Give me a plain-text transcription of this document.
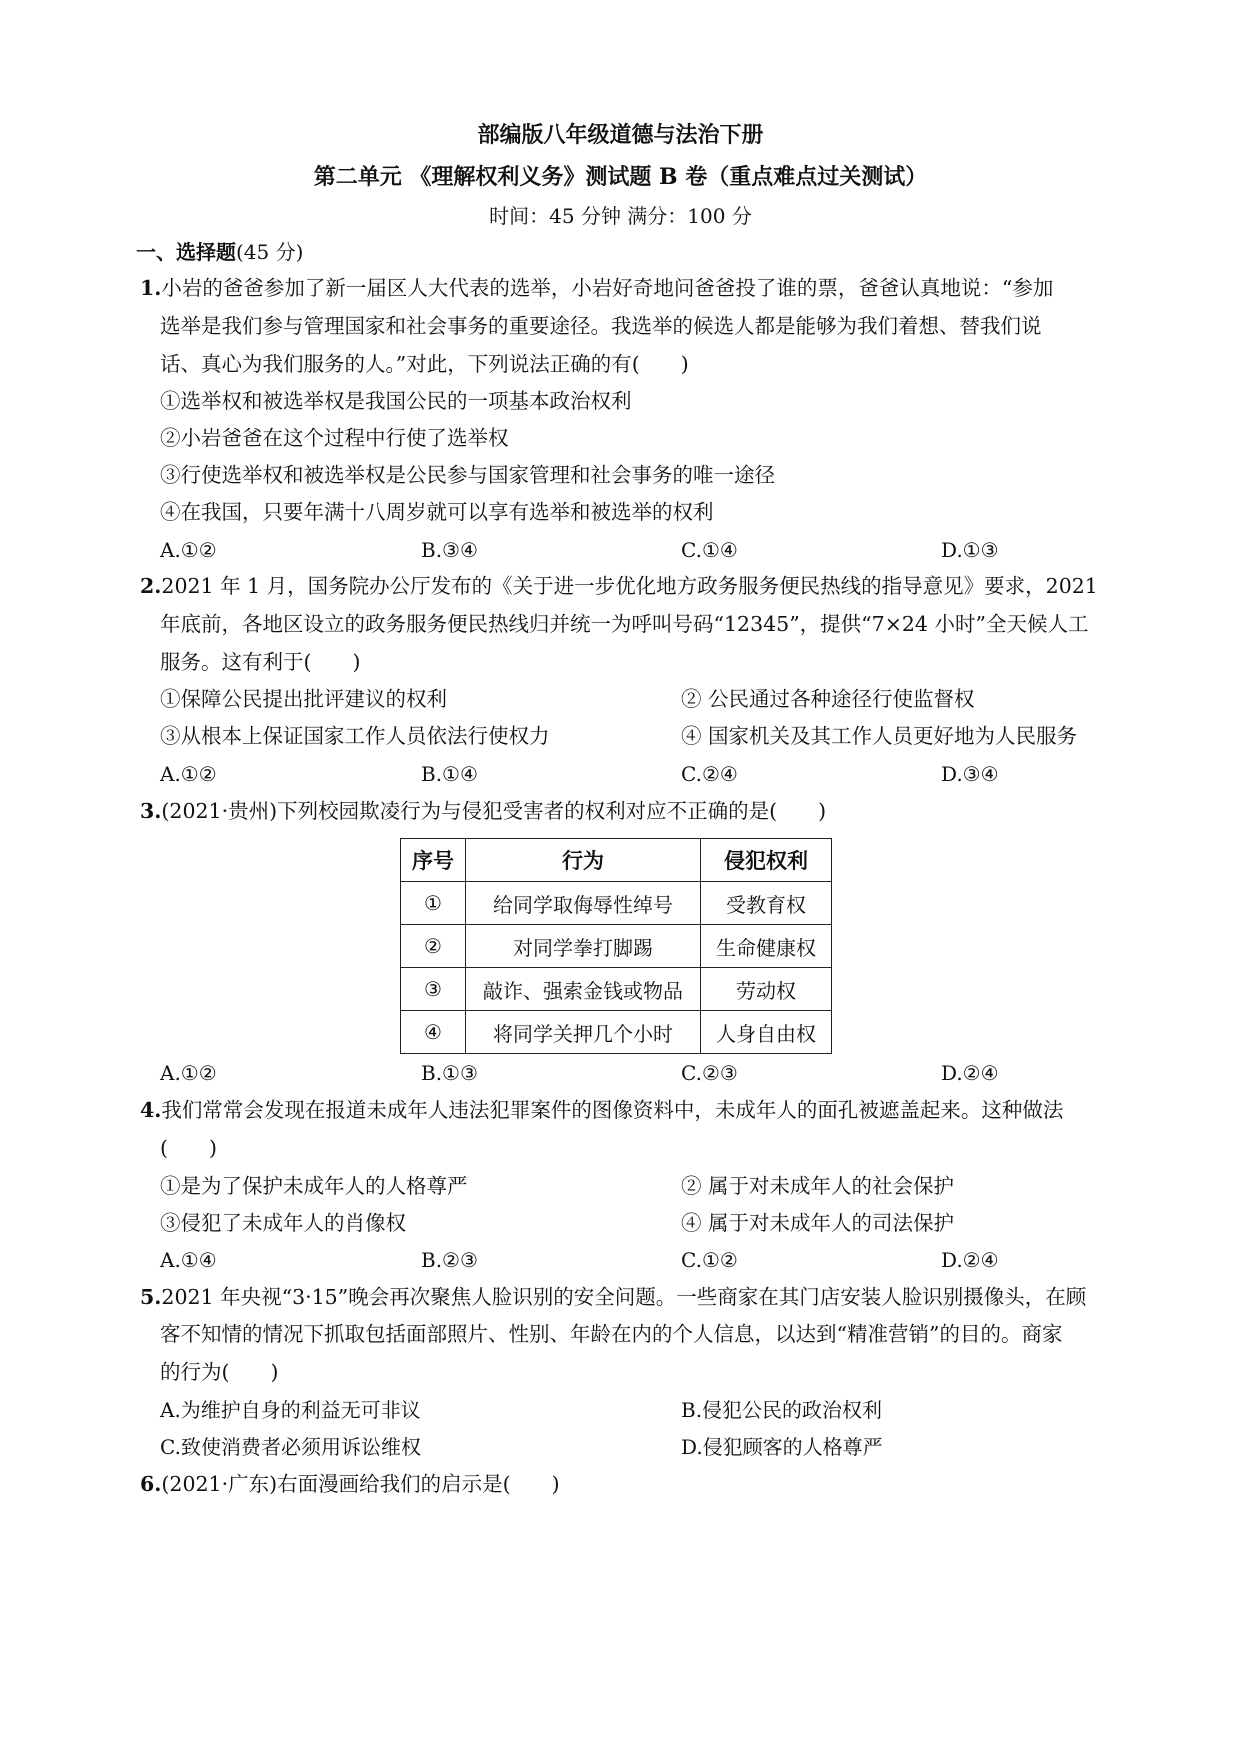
部编版八年级道德与法治下册
第二单元 《理解权利义务》测试题 B 卷（重点难点过关测试）
时间：45 分钟 满分：100 分
一、选择题(45 分)
1.小岩的爸爸参加了新一届区人大代表的选举，小岩好奇地问爸爸投了谁的票，爸爸认真地说：“参加
选举是我们参与管理国家和社会事务的重要途径。我选举的候选人都是能够为我们着想、替我们说
话、真心为我们服务的人。”对此，下列说法正确的有(　　)
①选举权和被选举权是我国公民的一项基本政治权利
②小岩爸爸在这个过程中行使了选举权
③行使选举权和被选举权是公民参与国家管理和社会事务的唯一途径
④在我国，只要年满十八周岁就可以享有选举和被选举的权利
A.①②	B.③④	C.①④	D.①③
2.2021 年 1 月，国务院办公厅发布的《关于进一步优化地方政务服务便民热线的指导意见》要求，2021
年底前，各地区设立的政务服务便民热线归并统一为呼叫号码“12345”，提供“7×24 小时”全天候人工
服务。这有利于(　　)
①保障公民提出批评建议的权利	② 公民通过各种途径行使监督权
③从根本上保证国家工作人员依法行使权力	④ 国家机关及其工作人员更好地为人民服务
A.①②	B.①④	C.②④	D.③④
3.(2021·贵州)下列校园欺凌行为与侵犯受害者的权利对应不正确的是(　　)
序号	行为	侵犯权利
①	给同学取侮辱性绰号	受教育权
②	对同学拳打脚踢	生命健康权
③	敲诈、强索金钱或物品	劳动权
④	将同学关押几个小时	人身自由权
A.①②	B.①③	C.②③	D.②④
4.我们常常会发现在报道未成年人违法犯罪案件的图像资料中，未成年人的面孔被遮盖起来。这种做法
(　　)
①是为了保护未成年人的人格尊严	② 属于对未成年人的社会保护
③侵犯了未成年人的肖像权	④ 属于对未成年人的司法保护
A.①④	B.②③	C.①②	D.②④
5.2021 年央视“3·15”晚会再次聚焦人脸识别的安全问题。一些商家在其门店安装人脸识别摄像头，在顾
客不知情的情况下抓取包括面部照片、性别、年龄在内的个人信息，以达到“精准营销”的目的。商家
的行为(　　)
A.为维护自身的利益无可非议	B.侵犯公民的政治权利
C.致使消费者必须用诉讼维权	D.侵犯顾客的人格尊严
6.(2021·广东)右面漫画给我们的启示是(　　)
